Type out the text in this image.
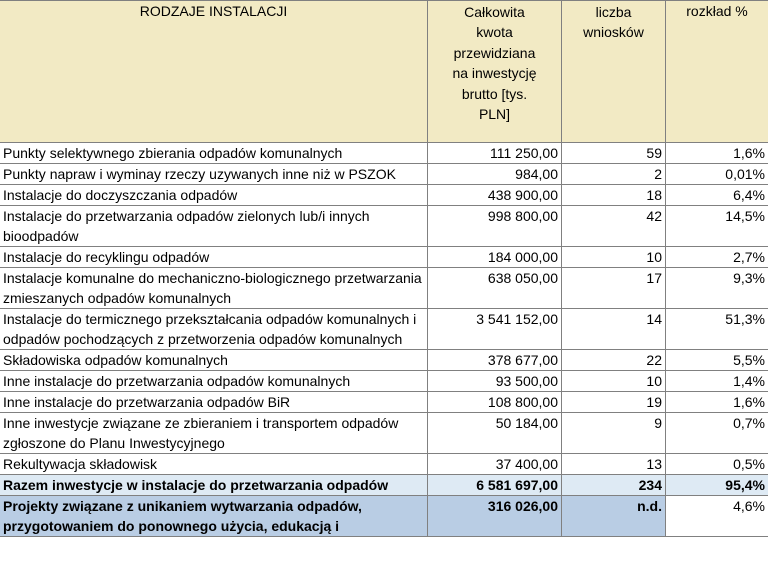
RODZAJE INSTALACJI	Całkowita kwota przewidziana na inwestycję brutto [tys. PLN]	liczba wniosków	rozkład %
Punkty selektywnego zbierania odpadów komunalnych	111 250,00	59	1,6%
Punkty napraw i wyminay rzeczy uzywanych inne niż w PSZOK	984,00	2	0,01%
Instalacje do doczyszczania odpadów	438 900,00	18	6,4%
Instalacje do przetwarzania odpadów zielonych lub/i innych bioodpadów	998 800,00	42	14,5%
Instalacje do recyklingu odpadów	184 000,00	10	2,7%
Instalacje komunalne do mechaniczno-biologicznego przetwarzania zmieszanych odpadów komunalnych	638 050,00	17	9,3%
Instalacje do termicznego przekształcania odpadów komunalnych i odpadów pochodzących z przetworzenia odpadów komunalnych	3 541 152,00	14	51,3%
Składowiska odpadów komunalnych	378 677,00	22	5,5%
Inne instalacje do przetwarzania odpadów komunalnych	93 500,00	10	1,4%
Inne instalacje do przetwarzania odpadów BiR	108 800,00	19	1,6%
Inne inwestycje związane ze zbieraniem i transportem odpadów zgłoszone do Planu Inwestycyjnego	50 184,00	9	0,7%
Rekultywacja składowisk	37 400,00	13	0,5%
Razem inwestycje w instalacje do przetwarzania odpadów	6 581 697,00	234	95,4%
Projekty związane z unikaniem wytwarzania odpadów, przygotowaniem do ponownego użycia, edukacją i	316 026,00	n.d.	4,6%
